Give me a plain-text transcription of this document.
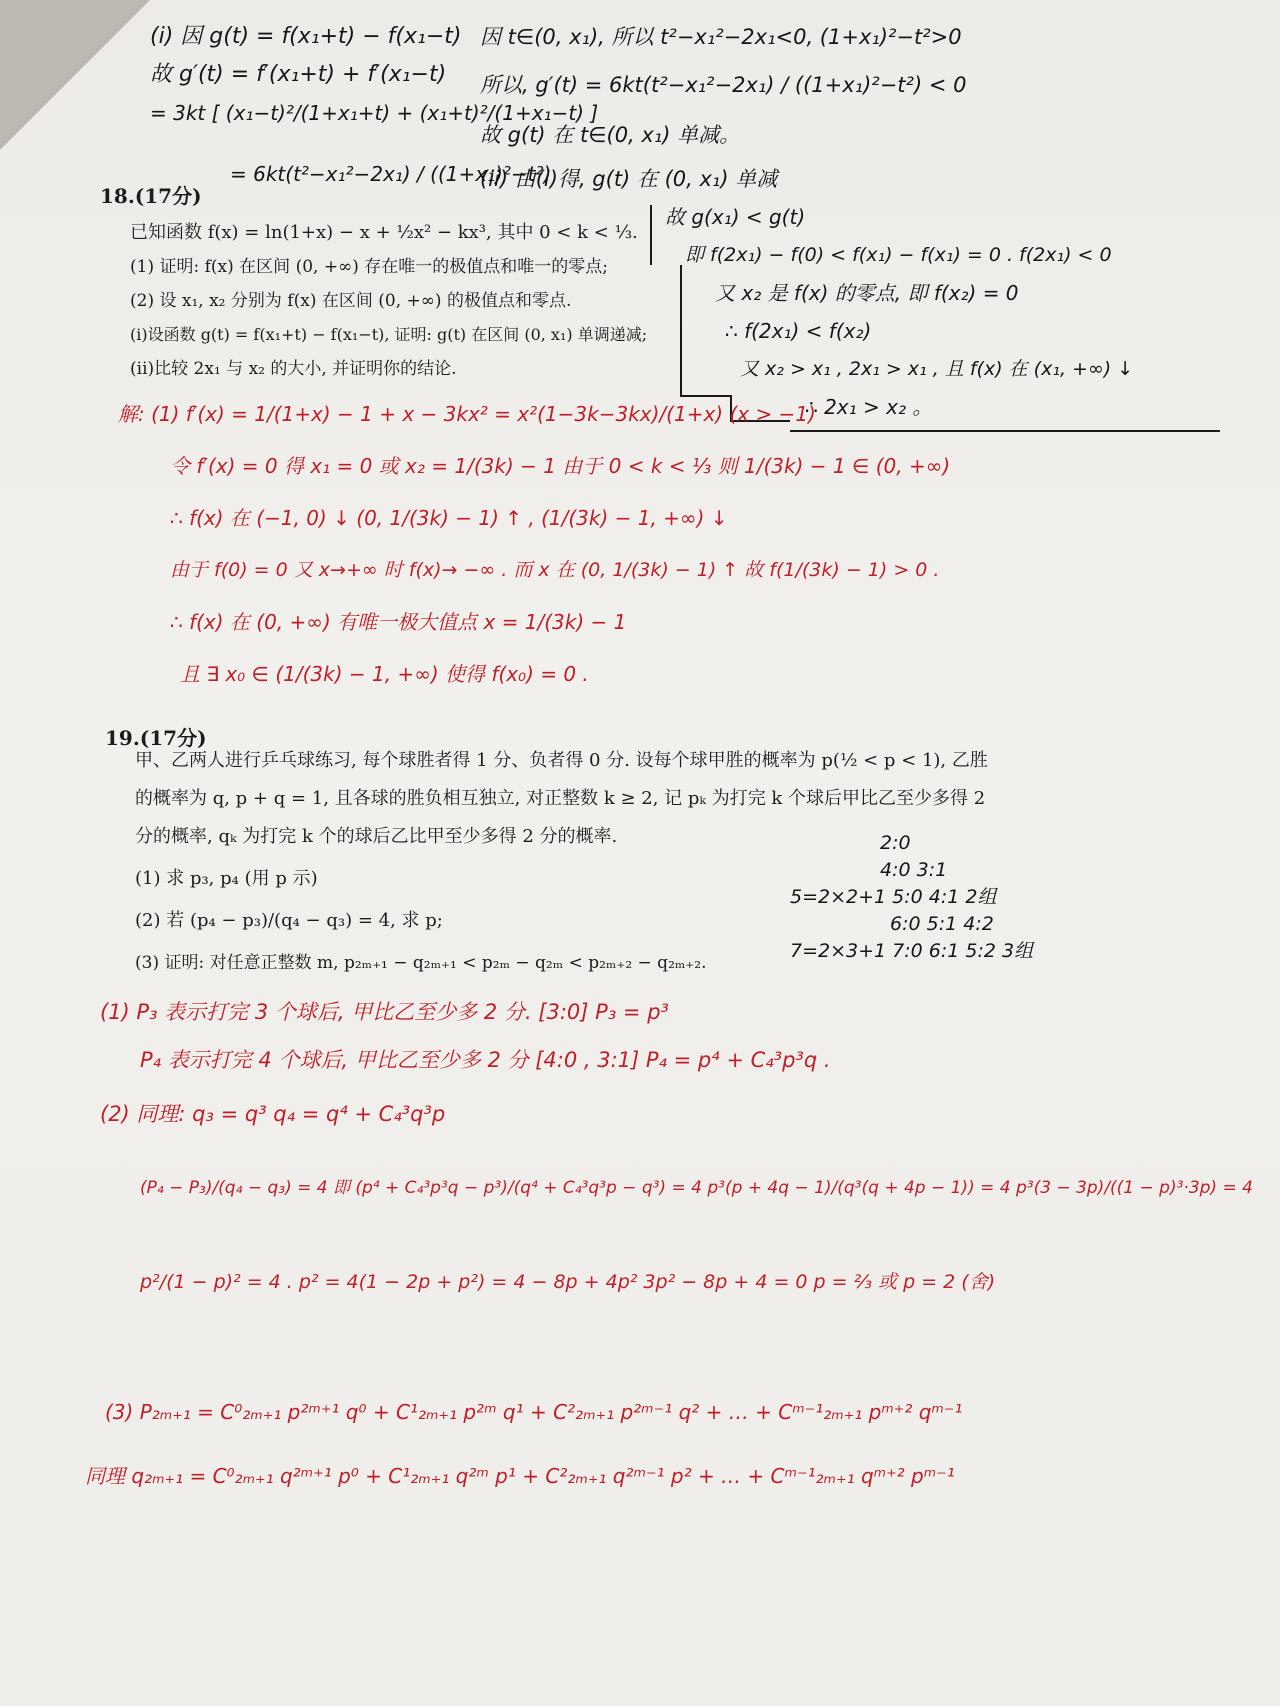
(i) 因 g(t) = f(x₁+t) − f(x₁−t)
故 g′(t) = f′(x₁+t) + f′(x₁−t)
= 3kt [ (x₁−t)²/(1+x₁+t) + (x₁+t)²/(1+x₁−t) ]
= 6kt(t²−x₁²−2x₁) / ((1+x₁)²−t²)
因 t∈(0, x₁), 所以 t²−x₁²−2x₁<0, (1+x₁)²−t²>0
所以, g′(t) = 6kt(t²−x₁²−2x₁) / ((1+x₁)²−t²) < 0
故 g(t) 在 t∈(0, x₁) 单减。
(ii) 由(i)得, g(t) 在 (0, x₁) 单减
故 g(x₁) < g(t)
即 f(2x₁) − f(0) < f(x₁) − f(x₁) = 0 . f(2x₁) < 0
又 x₂ 是 f(x) 的零点, 即 f(x₂) = 0
∴ f(2x₁) < f(x₂)
又 x₂ > x₁ , 2x₁ > x₁ , 且 f(x) 在 (x₁, +∞) ↓
∴ 2x₁ > x₂ 。
18.(17分)
已知函数 f(x) = ln(1+x) − x + ½x² − kx³, 其中 0 < k < ⅓.
(1) 证明: f(x) 在区间 (0, +∞) 存在唯一的极值点和唯一的零点;
(2) 设 x₁, x₂ 分别为 f(x) 在区间 (0, +∞) 的极值点和零点.
(i)设函数 g(t) = f(x₁+t) − f(x₁−t), 证明: g(t) 在区间 (0, x₁) 单调递减;
(ii)比较 2x₁ 与 x₂ 的大小, 并证明你的结论.
解: (1) f′(x) = 1/(1+x) − 1 + x − 3kx² = x²(1−3k−3kx)/(1+x) (x > −1)
令 f′(x) = 0 得 x₁ = 0 或 x₂ = 1/(3k) − 1 由于 0 < k < ⅓ 则 1/(3k) − 1 ∈ (0, +∞)
∴ f(x) 在 (−1, 0) ↓ (0, 1/(3k) − 1) ↑ , (1/(3k) − 1, +∞) ↓
由于 f(0) = 0 又 x→+∞ 时 f(x)→ −∞ . 而 x 在 (0, 1/(3k) − 1) ↑ 故 f(1/(3k) − 1) > 0 .
∴ f(x) 在 (0, +∞) 有唯一极大值点 x = 1/(3k) − 1
且 ∃ x₀ ∈ (1/(3k) − 1, +∞) 使得 f(x₀) = 0 .
19.(17分)
甲、乙两人进行乒乓球练习, 每个球胜者得 1 分、负者得 0 分. 设每个球甲胜的概率为 p(½ < p < 1), 乙胜
的概率为 q, p + q = 1, 且各球的胜负相互独立, 对正整数 k ≥ 2, 记 pₖ 为打完 k 个球后甲比乙至少多得 2
分的概率, qₖ 为打完 k 个的球后乙比甲至少多得 2 分的概率.
(1) 求 p₃, p₄ (用 p 示)
(2) 若 (p₄ − p₃)/(q₄ − q₃) = 4, 求 p;
(3) 证明: 对任意正整数 m, p₂ₘ₊₁ − q₂ₘ₊₁ < p₂ₘ − q₂ₘ < p₂ₘ₊₂ − q₂ₘ₊₂.
2:0
4:0 3:1
5=2×2+1 5:0 4:1 2组
6:0 5:1 4:2
7=2×3+1 7:0 6:1 5:2 3组
(1) P₃ 表示打完 3 个球后, 甲比乙至少多 2 分. [3:0] P₃ = p³
P₄ 表示打完 4 个球后, 甲比乙至少多 2 分 [4:0 , 3:1] P₄ = p⁴ + C₄³p³q .
(2) 同理: q₃ = q³ q₄ = q⁴ + C₄³q³p
(P₄ − P₃)/(q₄ − q₃) = 4 即 (p⁴ + C₄³p³q − p³)/(q⁴ + C₄³q³p − q³) = 4 p³(p + 4q − 1)/(q³(q + 4p − 1)) = 4 p³(3 − 3p)/((1 − p)³·3p) = 4
p²/(1 − p)² = 4 . p² = 4(1 − 2p + p²) = 4 − 8p + 4p² 3p² − 8p + 4 = 0 p = ⅔ 或 p = 2 (舍)
(3) P₂ₘ₊₁ = C⁰₂ₘ₊₁ p²ᵐ⁺¹ q⁰ + C¹₂ₘ₊₁ p²ᵐ q¹ + C²₂ₘ₊₁ p²ᵐ⁻¹ q² + … + Cᵐ⁻¹₂ₘ₊₁ pᵐ⁺² qᵐ⁻¹
同理 q₂ₘ₊₁ = C⁰₂ₘ₊₁ q²ᵐ⁺¹ p⁰ + C¹₂ₘ₊₁ q²ᵐ p¹ + C²₂ₘ₊₁ q²ᵐ⁻¹ p² + … + Cᵐ⁻¹₂ₘ₊₁ qᵐ⁺² pᵐ⁻¹
